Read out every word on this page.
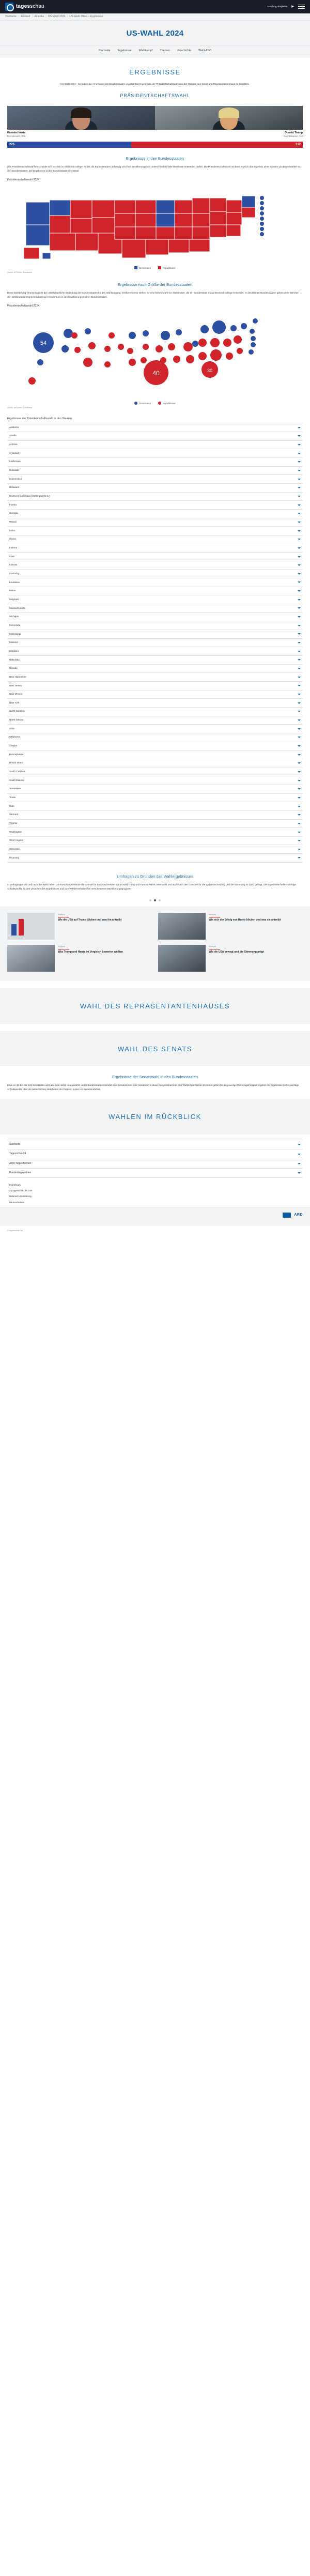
tagesschau	Sendung abspielen ▶
Startseite › Ausland › Amerika › US-Wahl 2024 › US-Wahl 2024 – Ergebnisse
US-WAHL 2024
Startseite	Ergebnisse	Wahlkampf	Themen	Geschichte	Wahl-ABC
ERGEBNISSE
US-Wahl 2024 - So haben die Amerikaner US-Bundesstaaten gewählt: Die Ergebnisse der Präsidentschaftswahl und der Wahlen zum Senat und Repräsentantenhaus im Überblick.
PRÄSIDENTSCHAFTSWAHL
Kamala Harris
Demokraten, 226
Donald Trump
Republikaner, 312
226	312
Ergebnisse in den Bundesstaaten
Das Präsidentschaftswahl entscheidet sich letztlich im Electoral College. In das die Bundesstaaten abhängig von ihrer Bevölkerungszahl unterschiedlich viele Wahlleute entsenden dürfen. Die Präsidentschaftswahl ist damit letztlich das Ergebnis einer Summe von Einzelwahlen in den Bundesstaaten. Die Ergebnisse in den Bundesstaaten im Detail:
Präsidentschaftswahl 2024
Demokraten	Republikaner
Quelle: AP/Stand: Landkarte
Ergebnisse nach Größe der Bundesstaaten
Diese Darstellung veranschaulicht die unterschiedliche Bedeutung der Bundesstaaten für den Wahlausgang. Größere Kreise stehen für eine höhere Zahl von Wahlleuten, die ein Bundesstaat in das Electoral College entsendet. In den kleinen Bundesstaaten geben viele Stimmen den Wahlleuten entsprechend weniger Gewicht als in den bevölkerungsreichen Bundesstaaten.
Präsidentschaftswahl 2024
54
40	30
Demokraten	Republikaner
Quelle: AP/Stand: Landkarte
Ergebnisse der Präsidentschaftswahl in den Staaten
Alabama
Alaska
Arizona
Arkansas
Kalifornien
Colorado
Connecticut
Delaware
District of Columbia (Washington D.C.)
Florida
Georgia
Hawaii
Idaho
Illinois
Indiana
Iowa
Kansas
Kentucky
Louisiana
Maine
Maryland
Massachusetts
Michigan
Minnesota
Mississippi
Missouri
Montana
Nebraska
Nevada
New Hampshire
New Jersey
New Mexico
New York
North Carolina
North Dakota
Ohio
Oklahoma
Oregon
Pennsylvania
Rhode Island
South Carolina
South Dakota
Tennessee
Texas
Utah
Vermont
Virginia
Washington
West Virginia
Wisconsin
Wyoming
Umfragen zu Gründen des Wahlergebnisses
In Befragungen vor und nach der Wahl haben US-Forschungsinstitute die Gründe für das Abschneiden von Donald Trump und Kamala Harris untersucht und auch nach den Gründen für die Wahlentscheidung und die Stimmung im Land gefragt. Die Ergebnisse helfen wichtige Anhaltspunkte zu den Ursachen des Ergebnisses und zum Wählerverhalten bei verschiedenen Bevölkerungsgruppen.
Analyse
tagesschau
Wie die USA auf Trump blicken und was ihn antreibt
Analyse
tagesschau
Wie sich der Erfolg von Harris blicken und was sie antreibt
Analyse
tagesschau
Was Trump und Harris im Vergleich bewerten wollten
Analyse
tagesschau
Wie die USA bewegt und die Stimmung prägt
WAHL DES REPRÄSENTANTENHAUSES
WAHL DES SENATS
Ergebnisse der Senatswahl in den Bundesstaaten
Etwa ein Drittel der 100 Senatssitze wird alle zwei Jahre neu gewählt. Jeder Bundesstaat entsendet zwei Senatorinnen oder Senatoren in diese Kongresskammer. Die Wahlmöglichkeiten im Senat gelten für die jeweilige Parteizugehörigkeit ergänzt die Ergebnisse helfen wichtige Anhaltspunkte über die tatsächlichen Mehrheiten der Parteien in der US-Senatsmehrheit.
WAHLEN IM RÜCKBLICK
Startseite
Tagesschau24
ARD-Tagesthemen
Bundestagswahlen
Impressum
Zu tagesschau.de.com
Datenschutzerklärung
Barrierefreiheit
ARD
© tagesschau.de
